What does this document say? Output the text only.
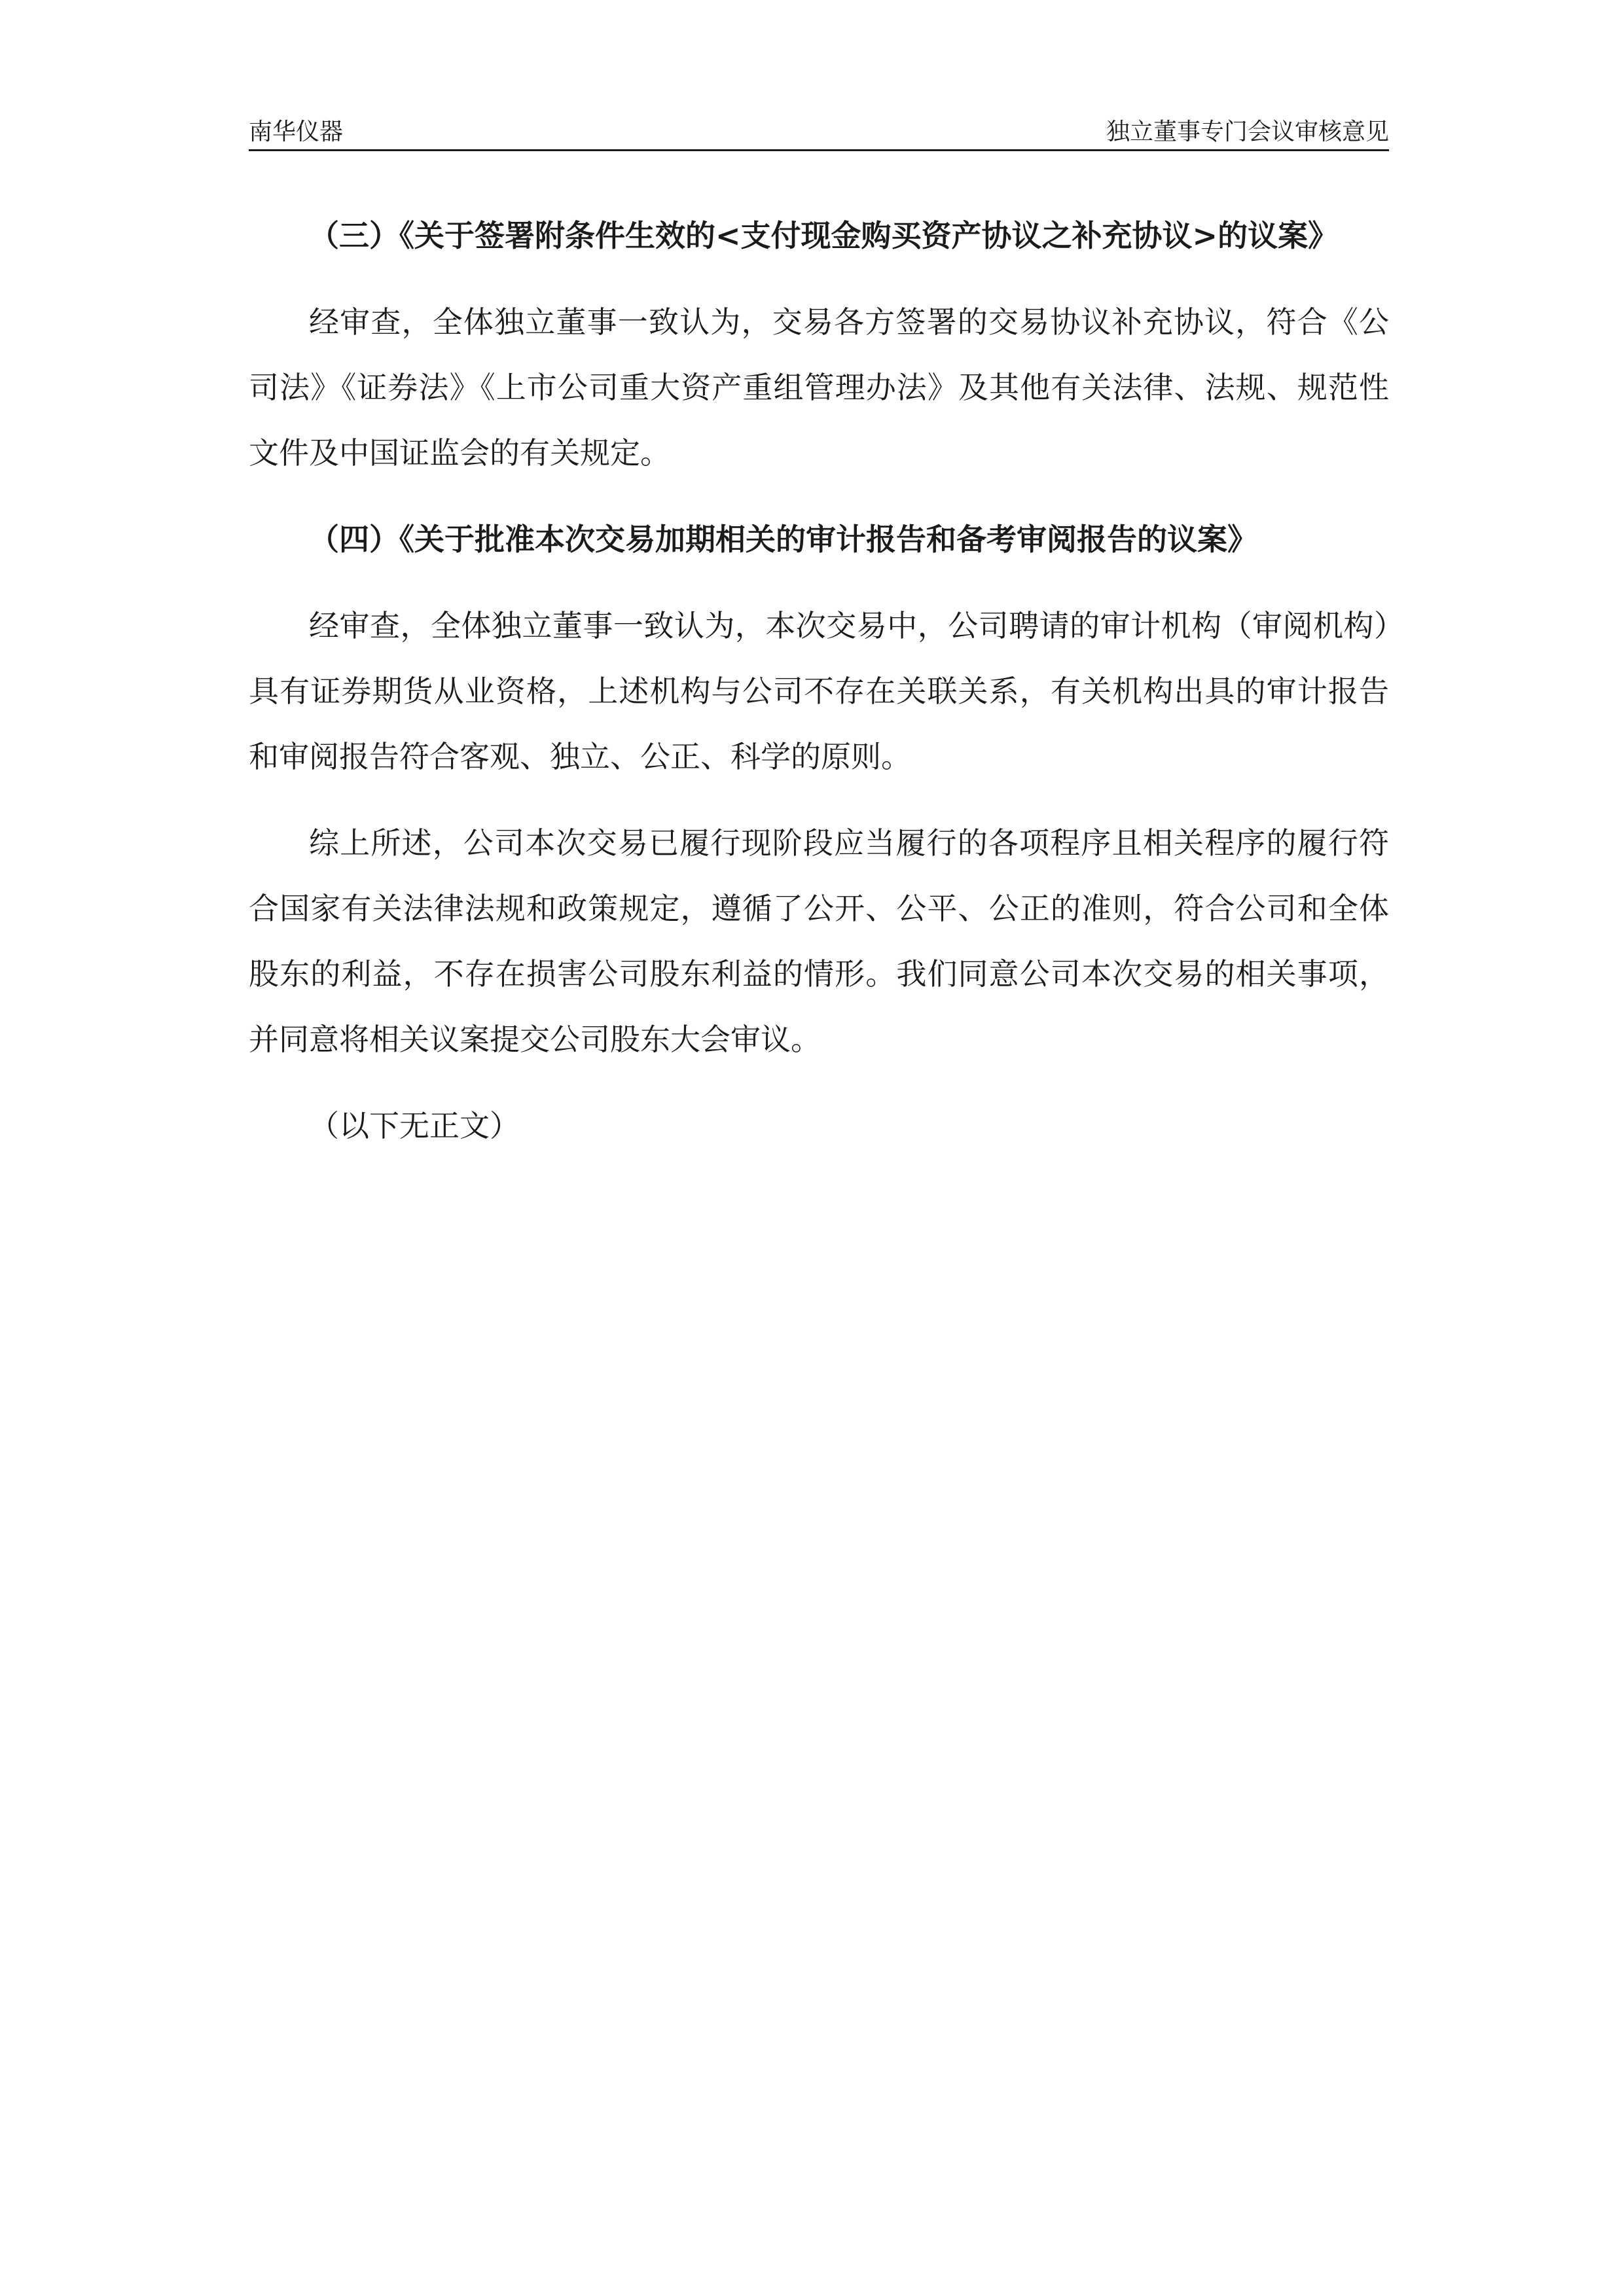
南华仪器	独立董事专门会议审核意见

（三）《关于签署附条件生效的<支付现金购买资产协议之补充协议>的议案》

经审查，全体独立董事一致认为，交易各方签署的交易协议补充协议，符合《公司法》《证券法》《上市公司重大资产重组管理办法》及其他有关法律、法规、规范性文件及中国证监会的有关规定。

（四）《关于批准本次交易加期相关的审计报告和备考审阅报告的议案》

经审查，全体独立董事一致认为，本次交易中，公司聘请的审计机构（审阅机构）具有证券期货从业资格，上述机构与公司不存在关联关系，有关机构出具的审计报告和审阅报告符合客观、独立、公正、科学的原则。

综上所述，公司本次交易已履行现阶段应当履行的各项程序且相关程序的履行符合国家有关法律法规和政策规定，遵循了公开、公平、公正的准则，符合公司和全体股东的利益，不存在损害公司股东利益的情形。我们同意公司本次交易的相关事项，并同意将相关议案提交公司股东大会审议。

（以下无正文）
